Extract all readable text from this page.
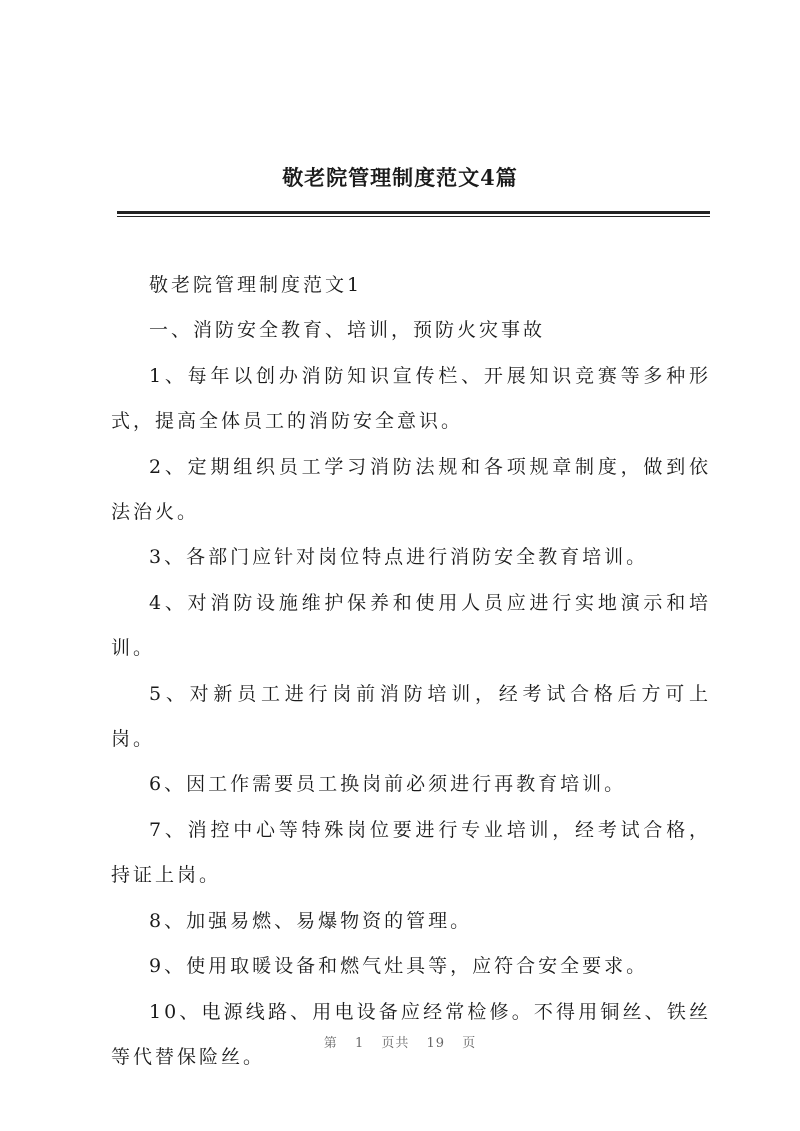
敬老院管理制度范文4篇

敬老院管理制度范文1

一、消防安全教育、培训，预防火灾事故

1、每年以创办消防知识宣传栏、开展知识竞赛等多种形式，提高全体员工的消防安全意识。

2、定期组织员工学习消防法规和各项规章制度，做到依法治火。

3、各部门应针对岗位特点进行消防安全教育培训。

4、对消防设施维护保养和使用人员应进行实地演示和培训。

5、对新员工进行岗前消防培训，经考试合格后方可上岗。

6、因工作需要员工换岗前必须进行再教育培训。

7、消控中心等特殊岗位要进行专业培训，经考试合格，持证上岗。

8、加强易燃、易爆物资的管理。

9、使用取暖设备和燃气灶具等，应符合安全要求。

10、电源线路、用电设备应经常检修。不得用铜丝、铁丝等代替保险丝。

第 1 页共 19 页
